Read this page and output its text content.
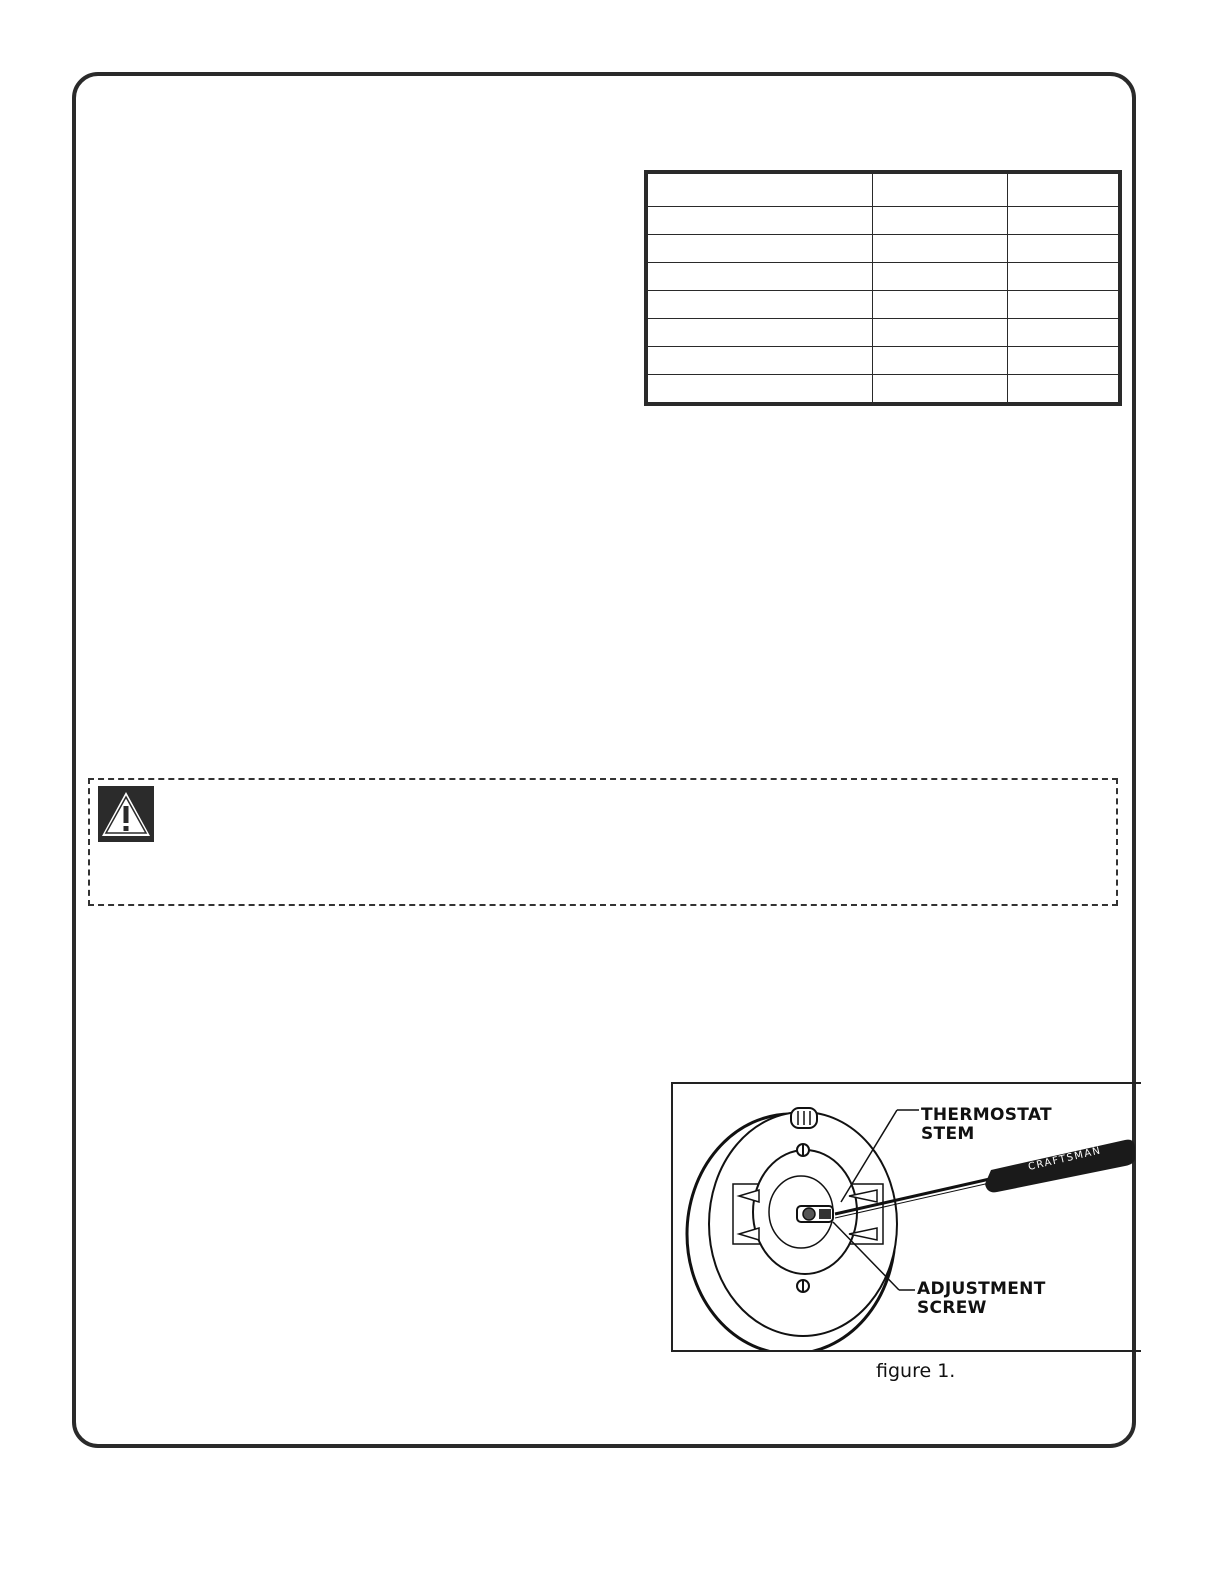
CRAFTSMAN
THERMOSTAT
STEM
ADJUSTMENT
SCREW
figure 1.
